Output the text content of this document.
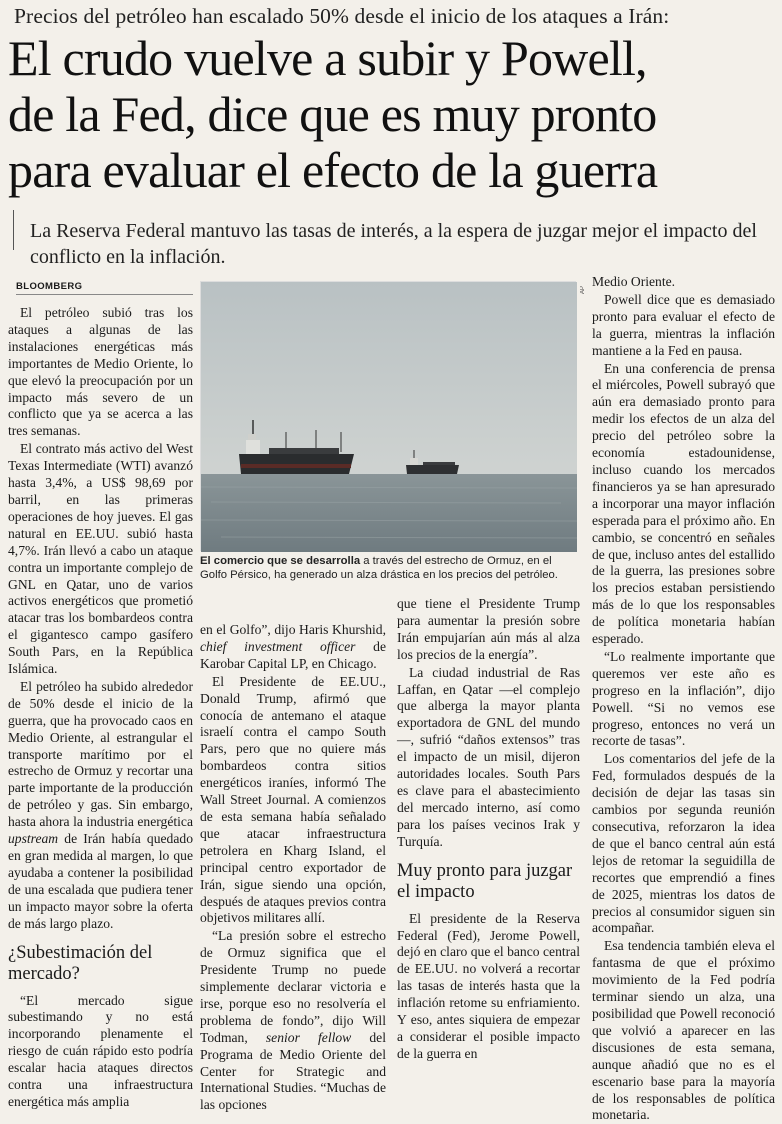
Precios del petróleo han escalado 50% desde el inicio de los ataques a Irán:
El crudo vuelve a subir y Powell,
de la Fed, dice que es muy pronto
para evaluar el efecto de la guerra
La Reserva Federal mantuvo las tasas de interés, a la espera de juzgar mejor el impacto del conflicto en la inflación.
BLOOMBERG

El petróleo subió tras los ataques a algunas de las instalaciones energéticas más importantes de Medio Oriente, lo que elevó la preocupación por un impacto más severo de un conflicto que ya se acerca a las tres semanas.

El contrato más activo del West Texas Intermediate (WTI) avanzó hasta 3,4%, a US$ 98,69 por barril, en las primeras operaciones de hoy jueves. El gas natural en EE.UU. subió hasta 4,7%. Irán llevó a cabo un ataque contra un importante complejo de GNL en Qatar, uno de varios activos energéticos que prometió atacar tras los bombardeos contra el gigantesco campo gasífero South Pars, en la República Islámica.

El petróleo ha subido alrededor de 50% desde el inicio de la guerra, que ha provocado caos en Medio Oriente, al estrangular el transporte marítimo por el estrecho de Ormuz y recortar una parte importante de la producción de petróleo y gas. Sin embargo, hasta ahora la industria energética upstream de Irán había quedado en gran medida al margen, lo que ayudaba a contener la posibilidad de una escalada que pudiera tener un impacto mayor sobre la oferta de más largo plazo.

¿Subestimación del mercado?

“El mercado sigue subestimando y no está incorporando plenamente el riesgo de cuán rápido esto podría escalar hacia ataques directos contra una infraestructura energética más amplia

AP
El comercio que se desarrolla a través del estrecho de Ormuz, en el Golfo Pérsico, ha generado un alza drástica en los precios del petróleo.

en el Golfo”, dijo Haris Khurshid, chief investment officer de Karobar Capital LP, en Chicago.

El Presidente de EE.UU., Donald Trump, afirmó que conocía de antemano el ataque israelí contra el campo South Pars, pero que no quiere más bombardeos contra sitios energéticos iraníes, informó The Wall Street Journal. A comienzos de esta semana había señalado que atacar infraestructura petrolera en Kharg Island, el principal centro exportador de Irán, sigue siendo una opción, después de ataques previos contra objetivos militares allí.

“La presión sobre el estrecho de Ormuz significa que el Presidente Trump no puede simplemente declarar victoria e irse, porque eso no resolvería el problema de fondo”, dijo Will Todman, senior fellow del Programa de Medio Oriente del Center for Strategic and International Studies. “Muchas de las opciones

que tiene el Presidente Trump para aumentar la presión sobre Irán empujarían aún más al alza los precios de la energía”.

La ciudad industrial de Ras Laffan, en Qatar —el complejo que alberga la mayor planta exportadora de GNL del mundo—, sufrió “daños extensos” tras el impacto de un misil, dijeron autoridades locales. South Pars es clave para el abastecimiento del mercado interno, así como para los países vecinos Irak y Turquía.

Muy pronto para juzgar el impacto

El presidente de la Reserva Federal (Fed), Jerome Powell, dejó en claro que el banco central de EE.UU. no volverá a recortar las tasas de interés hasta que la inflación retome su enfriamiento. Y eso, antes siquiera de empezar a considerar el posible impacto de la guerra en

Medio Oriente.

Powell dice que es demasiado pronto para evaluar el efecto de la guerra, mientras la inflación mantiene a la Fed en pausa.

En una conferencia de prensa el miércoles, Powell subrayó que aún era demasiado pronto para medir los efectos de un alza del precio del petróleo sobre la economía estadounidense, incluso cuando los mercados financieros ya se han apresurado a incorporar una mayor inflación esperada para el próximo año. En cambio, se concentró en señales de que, incluso antes del estallido de la guerra, las presiones sobre los precios estaban persistiendo más de lo que los responsables de política monetaria habían esperado.

“Lo realmente importante que queremos ver este año es progreso en la inflación”, dijo Powell. “Si no vemos ese progreso, entonces no verá un recorte de tasas”.

Los comentarios del jefe de la Fed, formulados después de la decisión de dejar las tasas sin cambios por segunda reunión consecutiva, reforzaron la idea de que el banco central aún está lejos de retomar la seguidilla de recortes que emprendió a fines de 2025, mientras los datos de precios al consumidor siguen sin acompañar.

Esa tendencia también eleva el fantasma de que el próximo movimiento de la Fed podría terminar siendo un alza, una posibilidad que Powell reconoció que volvió a aparecer en las discusiones de esta semana, aunque añadió que no es el escenario base para la mayoría de los responsables de política monetaria.
